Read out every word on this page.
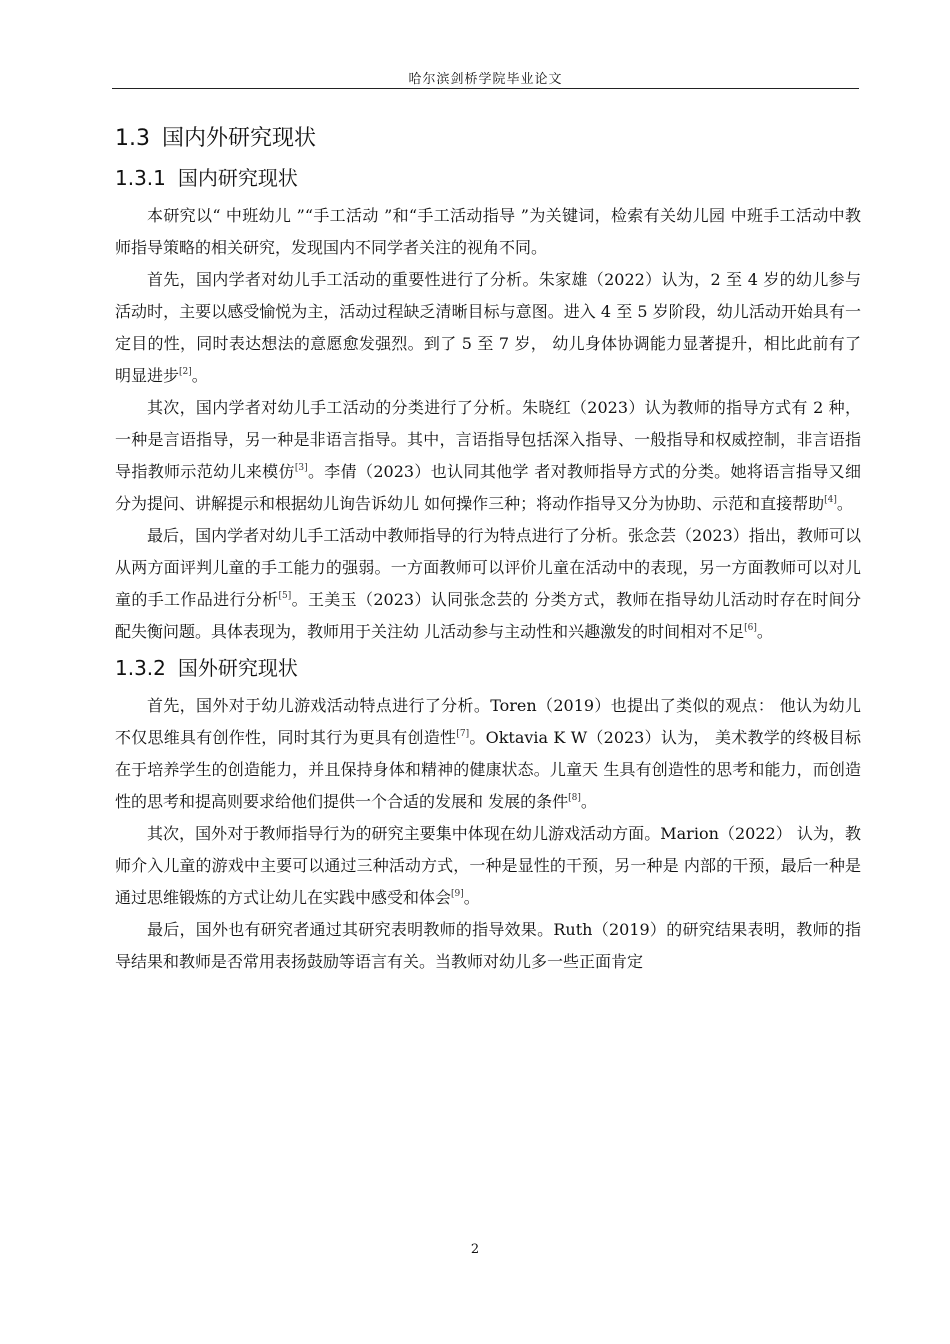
哈尔滨剑桥学院毕业论文
1.3 国内外研究现状
1.3.1 国内研究现状

本研究以“ 中班幼儿 ”“手工活动 ”和“手工活动指导 ”为关键词，检索有关幼儿园 中班手工活动中教师指导策略的相关研究，发现国内不同学者关注的视角不同。

首先，国内学者对幼儿手工活动的重要性进行了分析。朱家雄（2022）认为，2 至 4 岁的幼儿参与活动时，主要以感受愉悦为主，活动过程缺乏清晰目标与意图。进入 4 至 5 岁阶段，幼儿活动开始具有一定目的性，同时表达想法的意愿愈发强烈。到了 5 至 7 岁， 幼儿身体协调能力显著提升，相比此前有了明显进步[2]。

其次，国内学者对幼儿手工活动的分类进行了分析。朱晓红（2023）认为教师的指导方式有 2 种，一种是言语指导，另一种是非语言指导。其中，言语指导包括深入指导、一般指导和权威控制，非言语指导指教师示范幼儿来模仿[3]。李倩（2023）也认同其他学 者对教师指导方式的分类。她将语言指导又细分为提问、讲解提示和根据幼儿询告诉幼儿 如何操作三种；将动作指导又分为协助、示范和直接帮助[4]。

最后，国内学者对幼儿手工活动中教师指导的行为特点进行了分析。张念芸（2023）指出，教师可以从两方面评判儿童的手工能力的强弱。一方面教师可以评价儿童在活动中的表现，另一方面教师可以对儿童的手工作品进行分析[5]。王美玉（2023）认同张念芸的 分类方式，教师在指导幼儿活动时存在时间分配失衡问题。具体表现为，教师用于关注幼 儿活动参与主动性和兴趣激发的时间相对不足[6]。

1.3.2 国外研究现状

首先，国外对于幼儿游戏活动特点进行了分析。Toren（2019）也提出了类似的观点： 他认为幼儿不仅思维具有创作性，同时其行为更具有创造性[7]。Oktavia K W（2023）认为， 美术教学的终极目标在于培养学生的创造能力，并且保持身体和精神的健康状态。儿童天 生具有创造性的思考和能力，而创造性的思考和提高则要求给他们提供一个合适的发展和 发展的条件[8]。

其次，国外对于教师指导行为的研究主要集中体现在幼儿游戏活动方面。Marion（2022） 认为，教师介入儿童的游戏中主要可以通过三种活动方式，一种是显性的干预，另一种是 内部的干预，最后一种是通过思维锻炼的方式让幼儿在实践中感受和体会[9]。

最后，国外也有研究者通过其研究表明教师的指导效果。Ruth（2019）的研究结果表明，教师的指导结果和教师是否常用表扬鼓励等语言有关。当教师对幼儿多一些正面肯定

2
